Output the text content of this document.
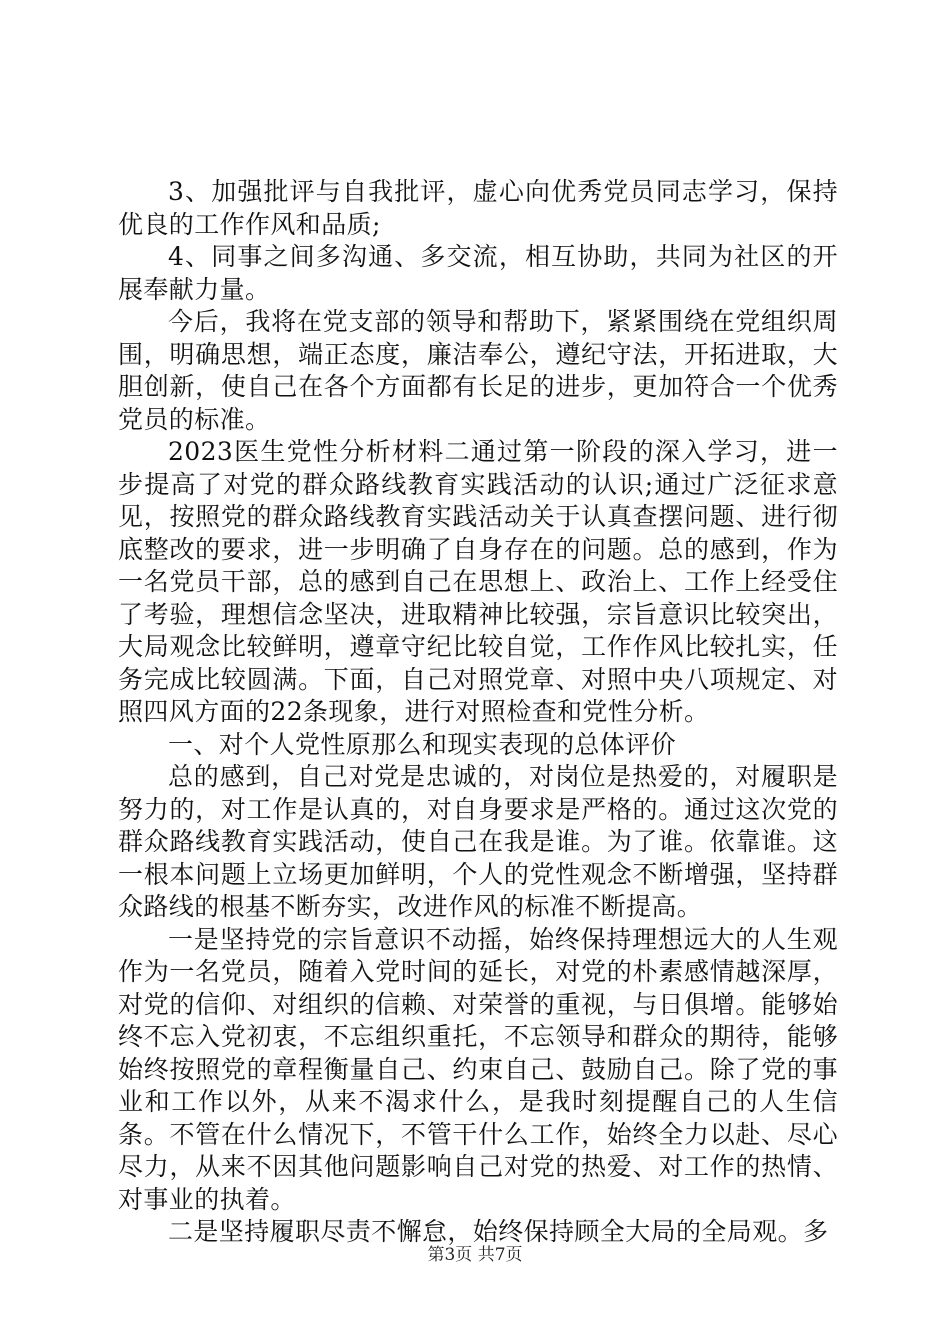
3、加强批评与自我批评，虚心向优秀党员同志学习，保持优良的工作作风和品质;

4、同事之间多沟通、多交流，相互协助，共同为社区的开展奉献力量。

今后，我将在党支部的领导和帮助下，紧紧围绕在党组织周围，明确思想，端正态度，廉洁奉公，遵纪守法，开拓进取，大胆创新，使自己在各个方面都有长足的进步，更加符合一个优秀党员的标准。

2023医生党性分析材料二通过第一阶段的深入学习，进一步提高了对党的群众路线教育实践活动的认识;通过广泛征求意见，按照党的群众路线教育实践活动关于认真查摆问题、进行彻底整改的要求，进一步明确了自身存在的问题。总的感到，作为一名党员干部，总的感到自己在思想上、政治上、工作上经受住了考验，理想信念坚决，进取精神比较强，宗旨意识比较突出，大局观念比较鲜明，遵章守纪比较自觉，工作作风比较扎实，任务完成比较圆满。下面，自己对照党章、对照中央八项规定、对照四风方面的22条现象，进行对照检查和党性分析。

一、对个人党性原那么和现实表现的总体评价

总的感到，自己对党是忠诚的，对岗位是热爱的，对履职是努力的，对工作是认真的，对自身要求是严格的。通过这次党的群众路线教育实践活动，使自己在我是谁。为了谁。依靠谁。这一根本问题上立场更加鲜明，个人的党性观念不断增强，坚持群众路线的根基不断夯实，改进作风的标准不断提高。

一是坚持党的宗旨意识不动摇，始终保持理想远大的人生观作为一名党员，随着入党时间的延长，对党的朴素感情越深厚，对党的信仰、对组织的信赖、对荣誉的重视，与日俱增。能够始终不忘入党初衷，不忘组织重托，不忘领导和群众的期待，能够始终按照党的章程衡量自己、约束自己、鼓励自己。除了党的事业和工作以外，从来不渴求什么，是我时刻提醒自己的人生信条。不管在什么情况下，不管干什么工作，始终全力以赴、尽心尽力，从来不因其他问题影响自己对党的热爱、对工作的热情、对事业的执着。

二是坚持履职尽责不懈怠，始终保持顾全大局的全局观。多

第3页 共7页
